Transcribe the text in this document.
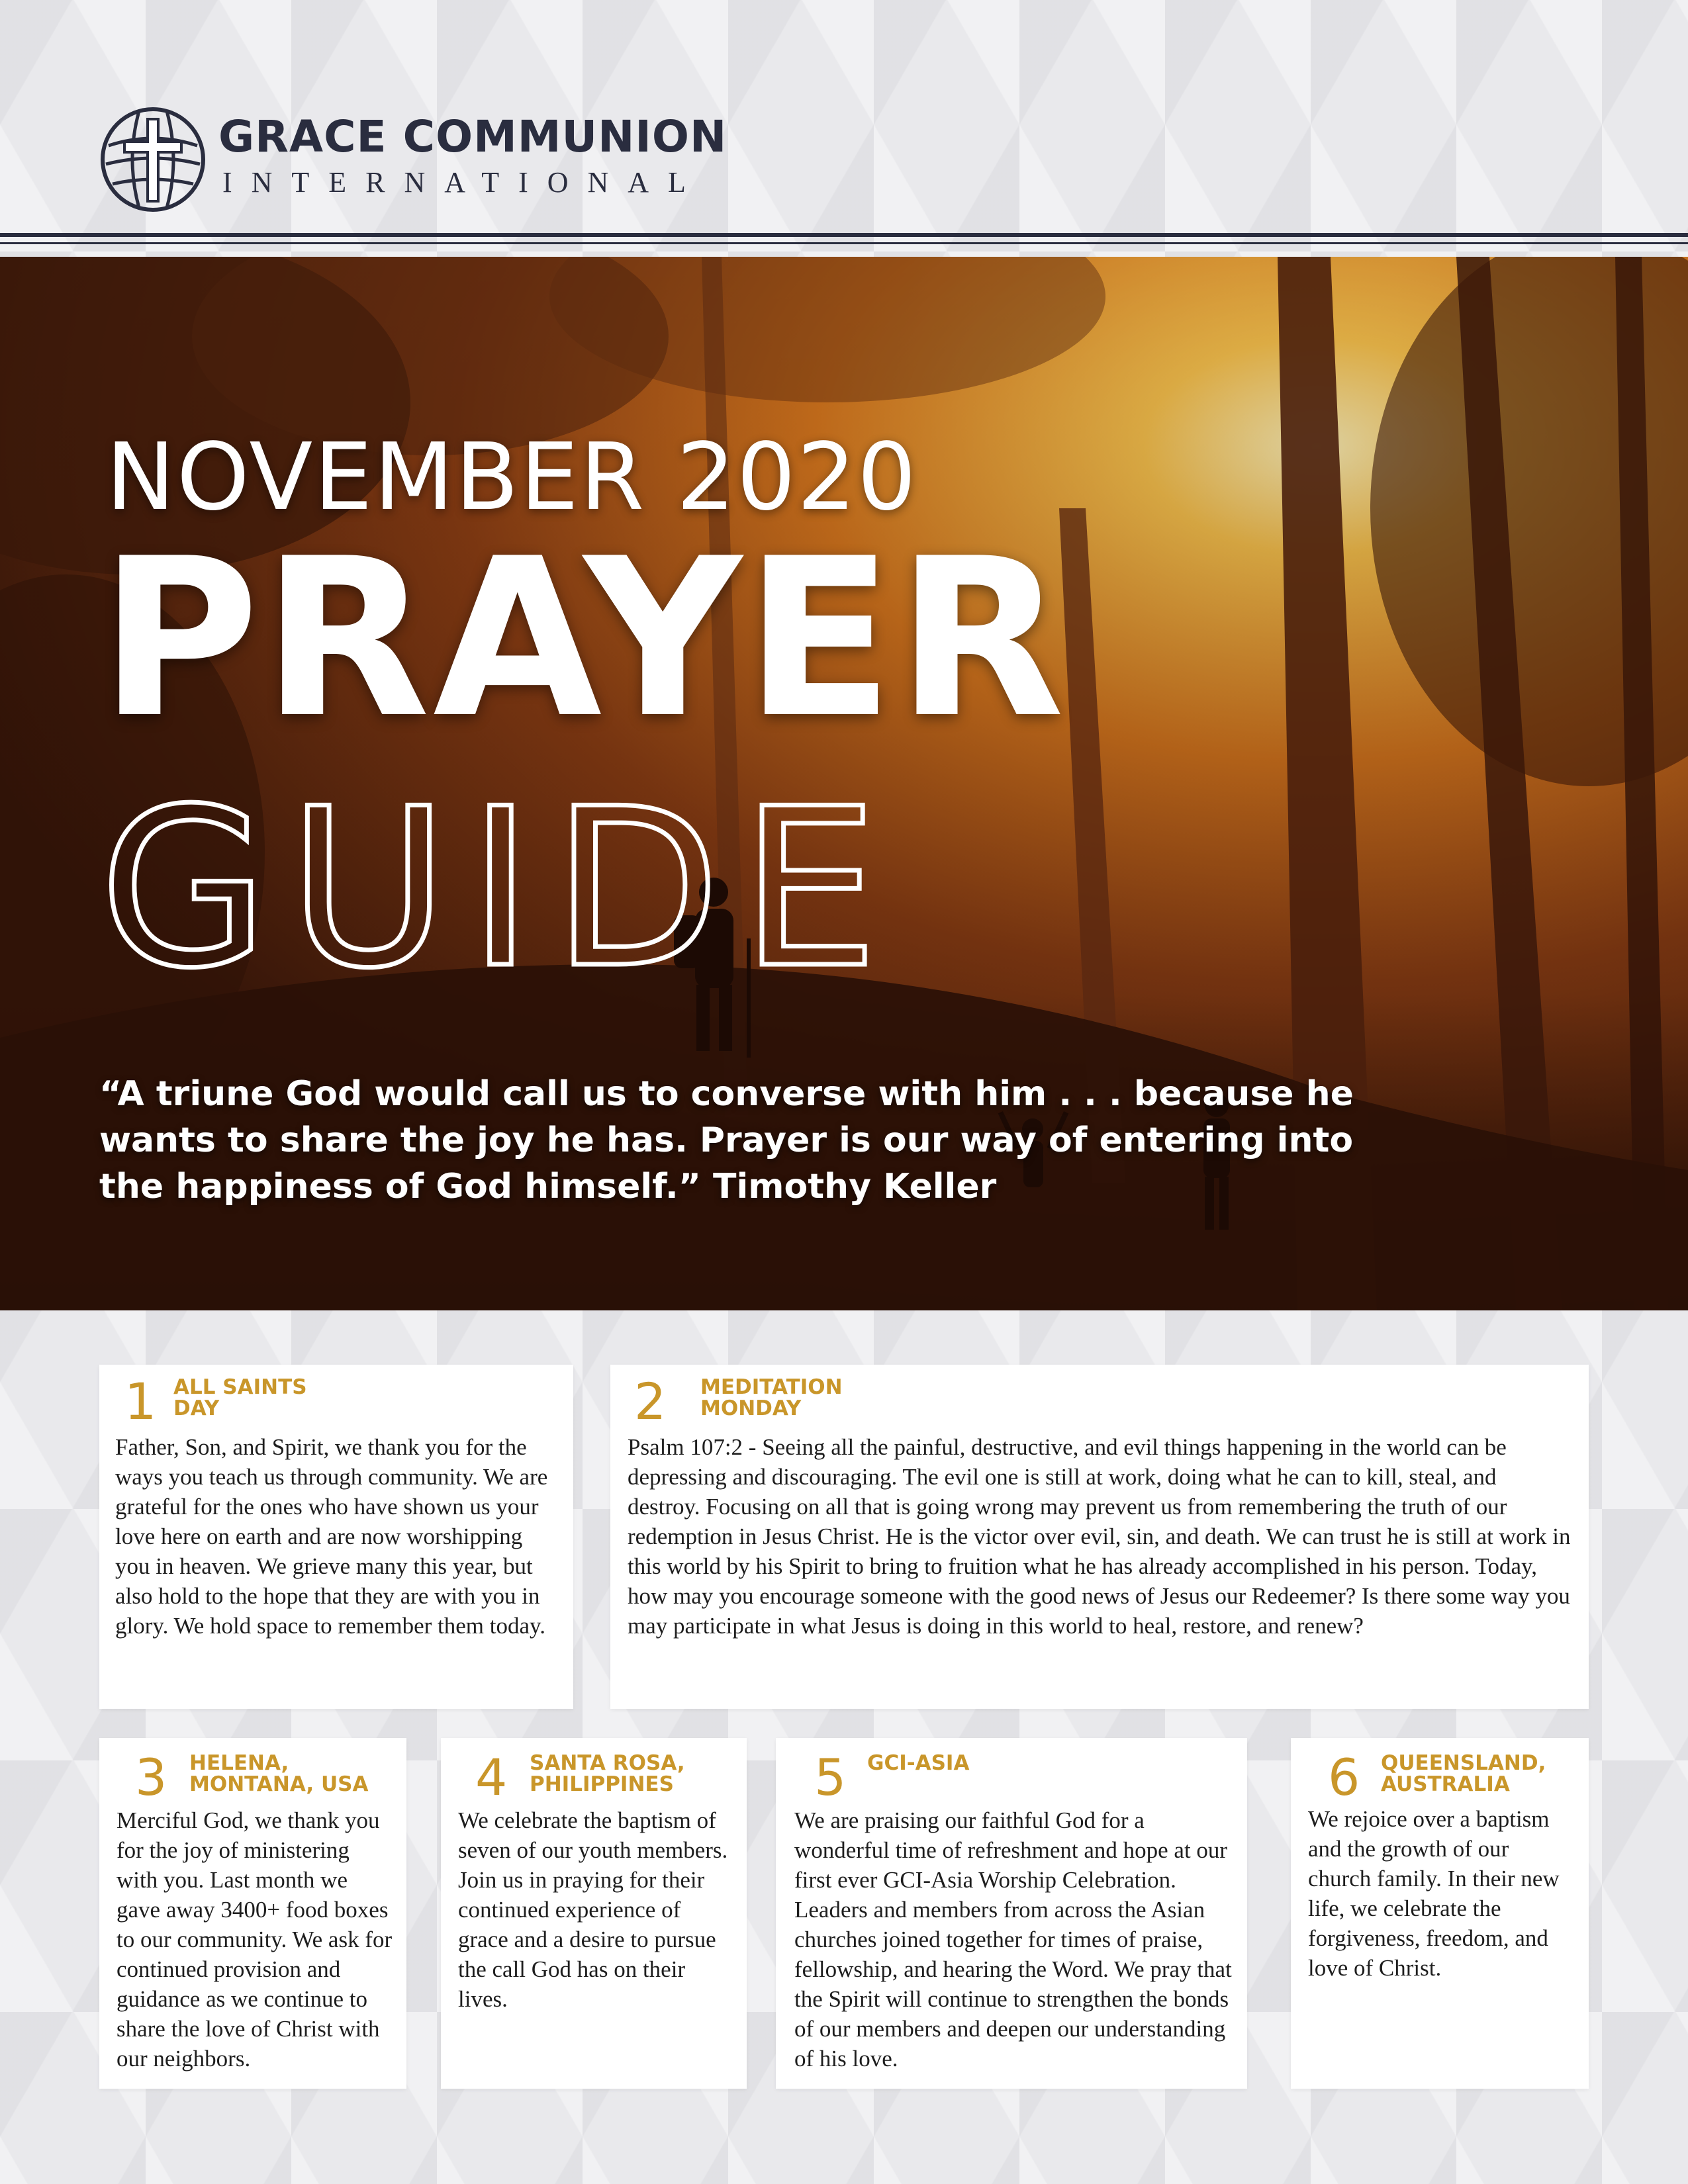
GRACE COMMUNION
INTERNATIONAL
NOVEMBER 2020
PRAYER
GUIDE
“A triune God would call us to converse with him . . . because he wants to share the joy he has. Prayer is our way of entering into the happiness of God himself.” Timothy Keller
1 ALL SAINTS
DAY
Father, Son, and Spirit, we thank you for the ways you teach us through community. We are grateful for the ones who have shown us your love here on earth and are now worshipping you in heaven. We grieve many this year, but also hold to the hope that they are with you in glory. We hold space to remember them today.
2 MEDITATION
MONDAY
Psalm 107:2 - Seeing all the painful, destructive, and evil things happening in the world can be depressing and discouraging. The evil one is still at work, doing what he can to kill, steal, and destroy. Focusing on all that is going wrong may prevent us from remembering the truth of our redemption in Jesus Christ. He is the victor over evil, sin, and death. We can trust he is still at work in this world by his Spirit to bring to fruition what he has already accomplished in his person. Today, how may you encourage someone with the good news of Jesus our Redeemer? Is there some way you may participate in what Jesus is doing in this world to heal, restore, and renew?
3 HELENA,
MONTANA, USA
Merciful God, we thank you for the joy of ministering with you. Last month we gave away 3400+ food boxes to our community. We ask for continued provision and guidance as we continue to share the love of Christ with our neighbors.
4 SANTA ROSA,
PHILIPPINES
We celebrate the baptism of seven of our youth members. Join us in praying for their continued experience of grace and a desire to pursue the call God has on their lives.
5 GCI-ASIA
We are praising our faithful God for a wonderful time of refreshment and hope at our first ever GCI-Asia Worship Celebration. Leaders and members from across the Asian churches joined together for times of praise, fellowship, and hearing the Word. We pray that the Spirit will continue to strengthen the bonds of our members and deepen our understanding of his love.
6 QUEENSLAND,
AUSTRALIA
We rejoice over a baptism and the growth of our church family. In their new life, we celebrate the forgiveness, freedom, and love of Christ.
